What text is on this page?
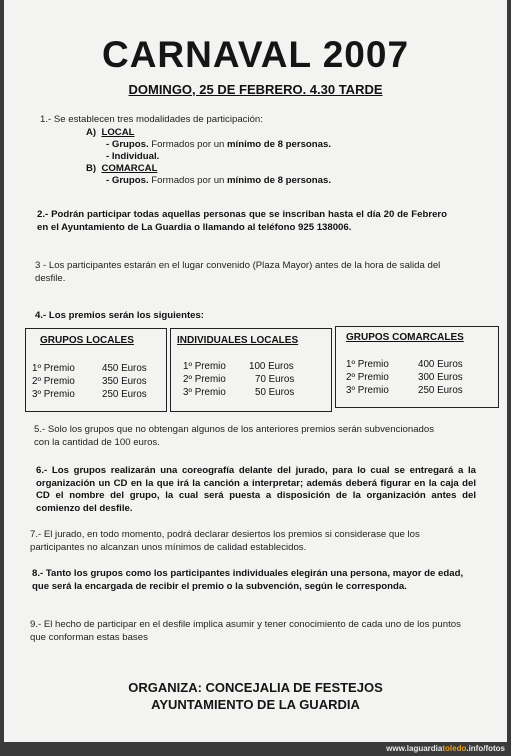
CARNAVAL 2007
DOMINGO, 25 DE FEBRERO. 4.30 TARDE
1.- Se establecen tres modalidades de participación:
A) LOCAL
- Grupos. Formados por un mínimo de 8 personas.
- Individual.
B) COMARCAL
- Grupos. Formados por un mínimo de 8 personas.
2.- Podrán participar todas aquellas personas que se inscriban hasta el día 20 de Febrero en el Ayuntamiento de La Guardia o llamando al teléfono 925 138006.
3 - Los participantes estarán en el lugar convenido (Plaza Mayor) antes de la hora de salida del desfile.
4.- Los premios serán los siguientes:
GRUPOS LOCALES
1º Premio	450 Euros
2º Premio	350 Euros
3º Premio	250 Euros
INDIVIDUALES LOCALES
1º Premio 100 Euros
2º Premio	70 Euros
3º Premio	50 Euros
GRUPOS COMARCALES
1º Premio	400 Euros
2º Premio	300 Euros
3º Premio	250 Euros
5.- Solo los grupos que no obtengan algunos de los anteriores premios serán subvencionados con la cantidad de 100 euros.
6.- Los grupos realizarán una coreografía delante del jurado, para lo cual se entregará a la organización un CD en la que irá la canción a interpretar; además deberá figurar en la caja del CD el nombre del grupo, la cual será puesta a disposición de la organización antes del comienzo del desfile.
7.- El jurado, en todo momento, podrá declarar desiertos los premios si considerase que los participantes no alcanzan unos mínimos de calidad establecidos.
8.- Tanto los grupos como los participantes individuales elegirán una persona, mayor de edad, que será la encargada de recibir el premio o la subvención, según le corresponda.
9.- El hecho de participar en el desfile implica asumir y tener conocimiento de cada uno de los puntos que conforman estas bases
ORGANIZA: CONCEJALIA DE FESTEJOS
AYUNTAMIENTO DE LA GUARDIA
www.laguardiatoledo.info/fotos
